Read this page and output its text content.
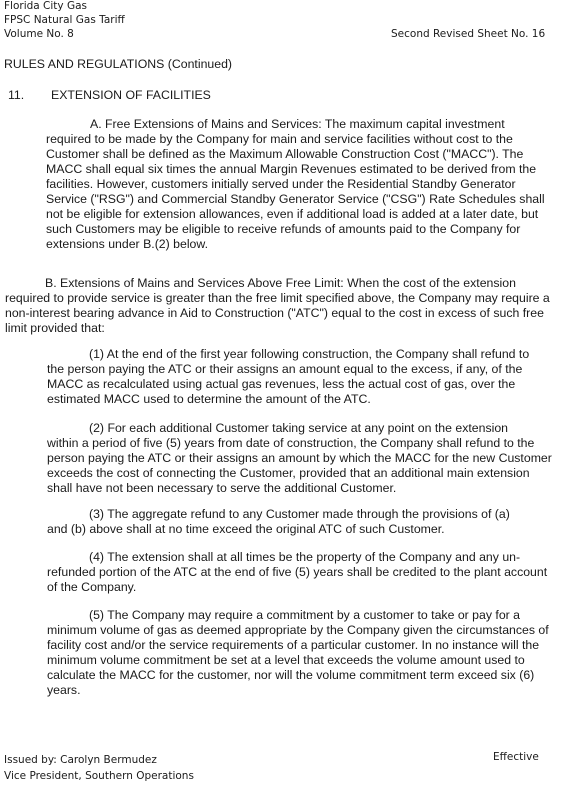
Florida City Gas
FPSC Natural Gas Tariff
Volume No. 8	Second Revised Sheet No. 16
RULES AND REGULATIONS (Continued)
11. EXTENSION OF FACILITIES
A. Free Extensions of Mains and Services: The maximum capital investment
required to be made by the Company for main and service facilities without cost to the
Customer shall be defined as the Maximum Allowable Construction Cost ("MACC"). The
MACC shall equal six times the annual Margin Revenues estimated to be derived from the
facilities. However, customers initially served under the Residential Standby Generator
Service ("RSG") and Commercial Standby Generator Service ("CSG") Rate Schedules shall
not be eligible for extension allowances, even if additional load is added at a later date, but
such Customers may be eligible to receive refunds of amounts paid to the Company for
extensions under B.(2) below.
B. Extensions of Mains and Services Above Free Limit: When the cost of the extension
required to provide service is greater than the free limit specified above, the Company may require a
non-interest bearing advance in Aid to Construction ("ATC") equal to the cost in excess of such free
limit provided that:
(1) At the end of the first year following construction, the Company shall refund to
the person paying the ATC or their assigns an amount equal to the excess, if any, of the
MACC as recalculated using actual gas revenues, less the actual cost of gas, over the
estimated MACC used to determine the amount of the ATC.
(2) For each additional Customer taking service at any point on the extension
within a period of five (5) years from date of construction, the Company shall refund to the
person paying the ATC or their assigns an amount by which the MACC for the new Customer
exceeds the cost of connecting the Customer, provided that an additional main extension
shall have not been necessary to serve the additional Customer.
(3) The aggregate refund to any Customer made through the provisions of (a)
and (b) above shall at no time exceed the original ATC of such Customer.
(4) The extension shall at all times be the property of the Company and any un-
refunded portion of the ATC at the end of five (5) years shall be credited to the plant account
of the Company.
(5) The Company may require a commitment by a customer to take or pay for a
minimum volume of gas as deemed appropriate by the Company given the circumstances of
facility cost and/or the service requirements of a particular customer. In no instance will the
minimum volume commitment be set at a level that exceeds the volume amount used to
calculate the MACC for the customer, nor will the volume commitment term exceed six (6)
years.
Issued by: Carolyn Bermudez
Vice President, Southern Operations
Effective
